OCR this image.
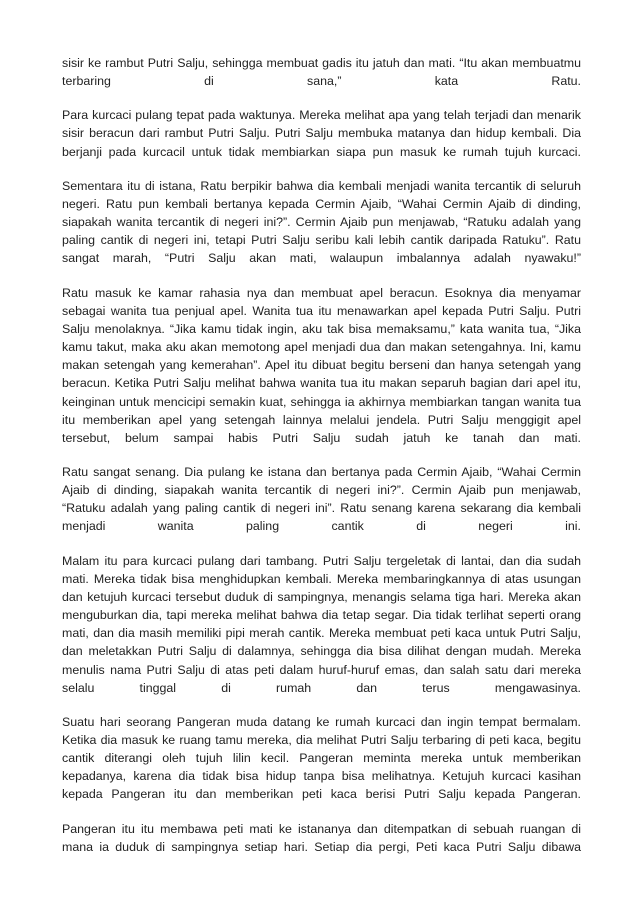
sisir ke rambut Putri Salju, sehingga membuat gadis itu jatuh dan mati. “Itu akan membuatmu terbaring di sana,” kata Ratu.

Para kurcaci pulang tepat pada waktunya. Mereka melihat apa yang telah terjadi dan menarik sisir beracun dari rambut Putri Salju. Putri Salju membuka matanya dan hidup kembali. Dia berjanji pada kurcacil untuk tidak membiarkan siapa pun masuk ke rumah tujuh kurcaci.

Sementara itu di istana, Ratu berpikir bahwa dia kembali menjadi wanita tercantik di seluruh negeri. Ratu pun kembali bertanya kepada Cermin Ajaib, “Wahai Cermin Ajaib di dinding, siapakah wanita tercantik di negeri ini?”. Cermin Ajaib pun menjawab, “Ratuku adalah yang paling cantik di negeri ini, tetapi Putri Salju seribu kali lebih cantik daripada Ratuku”. Ratu sangat marah, “Putri Salju akan mati, walaupun imbalannya adalah nyawaku!”

Ratu masuk ke kamar rahasia nya dan membuat apel beracun. Esoknya dia menyamar sebagai wanita tua penjual apel. Wanita tua itu menawarkan apel kepada Putri Salju. Putri Salju menolaknya. “Jika kamu tidak ingin, aku tak bisa memaksamu,” kata wanita tua, “Jika kamu takut, maka aku akan memotong apel menjadi dua dan makan setengahnya. Ini, kamu makan setengah yang kemerahan”. Apel itu dibuat begitu berseni dan hanya setengah yang beracun. Ketika Putri Salju melihat bahwa wanita tua itu makan separuh bagian dari apel itu, keinginan untuk mencicipi semakin kuat, sehingga ia akhirnya membiarkan tangan wanita tua itu memberikan apel yang setengah lainnya melalui jendela. Putri Salju menggigit apel tersebut, belum sampai habis Putri Salju sudah jatuh ke tanah dan mati.

Ratu sangat senang. Dia pulang ke istana dan bertanya pada Cermin Ajaib, “Wahai Cermin Ajaib di dinding, siapakah wanita tercantik di negeri ini?”. Cermin Ajaib pun menjawab, “Ratuku adalah yang paling cantik di negeri ini”. Ratu senang karena sekarang dia kembali menjadi wanita paling cantik di negeri ini.

Malam itu para kurcaci pulang dari tambang. Putri Salju tergeletak di lantai, dan dia sudah mati. Mereka tidak bisa menghidupkan kembali. Mereka membaringkannya di atas usungan dan ketujuh kurcaci tersebut duduk di sampingnya, menangis selama tiga hari. Mereka akan menguburkan dia, tapi mereka melihat bahwa dia tetap segar. Dia tidak terlihat seperti orang mati, dan dia masih memiliki pipi merah cantik. Mereka membuat peti kaca untuk Putri Salju, dan meletakkan Putri Salju di dalamnya, sehingga dia bisa dilihat dengan mudah. Mereka menulis nama Putri Salju di atas peti dalam huruf-huruf emas, dan salah satu dari mereka selalu tinggal di rumah dan terus mengawasinya.

Suatu hari seorang Pangeran muda datang ke rumah kurcaci dan ingin tempat bermalam. Ketika dia masuk ke ruang tamu mereka, dia melihat Putri Salju terbaring di peti kaca, begitu cantik diterangi oleh tujuh lilin kecil. Pangeran meminta mereka untuk memberikan kepadanya, karena dia tidak bisa hidup tanpa bisa melihatnya. Ketujuh kurcaci kasihan kepada Pangeran itu dan memberikan peti kaca berisi Putri Salju kepada Pangeran.

Pangeran itu itu membawa peti mati ke istananya dan ditempatkan di sebuah ruangan di mana ia duduk di sampingnya setiap hari. Setiap dia pergi, Peti kaca Putri Salju dibawa
